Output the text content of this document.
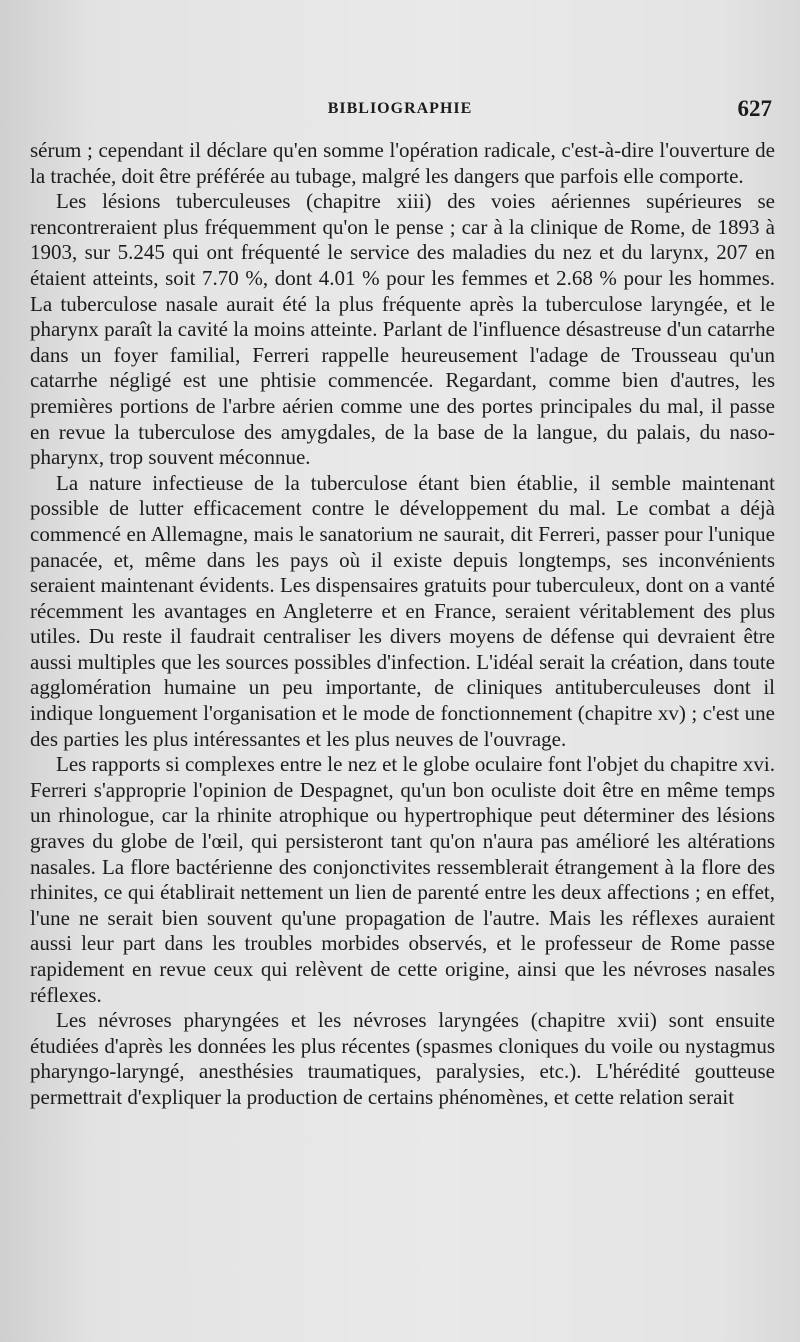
BIBLIOGRAPHIE	627

sérum ; cependant il déclare qu'en somme l'opération radicale, c'est-à-dire l'ouverture de la trachée, doit être préférée au tubage, malgré les dangers que parfois elle comporte.

Les lésions tuberculeuses (chapitre xiii) des voies aériennes supérieures se rencontreraient plus fréquemment qu'on le pense ; car à la clinique de Rome, de 1893 à 1903, sur 5.245 qui ont fréquenté le service des maladies du nez et du larynx, 207 en étaient atteints, soit 7.70 %, dont 4.01 % pour les femmes et 2.68 % pour les hommes. La tuberculose nasale aurait été la plus fréquente après la tuberculose laryngée, et le pharynx paraît la cavité la moins atteinte. Parlant de l'influence désastreuse d'un catarrhe dans un foyer familial, Ferreri rappelle heureusement l'adage de Trousseau qu'un catarrhe négligé est une phtisie commencée. Regardant, comme bien d'autres, les premières portions de l'arbre aérien comme une des portes principales du mal, il passe en revue la tuberculose des amygdales, de la base de la langue, du palais, du naso-pharynx, trop souvent méconnue.

La nature infectieuse de la tuberculose étant bien établie, il semble maintenant possible de lutter efficacement contre le développement du mal. Le combat a déjà commencé en Allemagne, mais le sanatorium ne saurait, dit Ferreri, passer pour l'unique panacée, et, même dans les pays où il existe depuis longtemps, ses inconvénients seraient maintenant évidents. Les dispensaires gratuits pour tuberculeux, dont on a vanté récemment les avantages en Angleterre et en France, seraient véritablement des plus utiles. Du reste il faudrait centraliser les divers moyens de défense qui devraient être aussi multiples que les sources possibles d'infection. L'idéal serait la création, dans toute agglomération humaine un peu importante, de cliniques antituberculeuses dont il indique longuement l'organisation et le mode de fonctionnement (chapitre xv) ; c'est une des parties les plus intéressantes et les plus neuves de l'ouvrage.

Les rapports si complexes entre le nez et le globe oculaire font l'objet du chapitre xvi. Ferreri s'approprie l'opinion de Despagnet, qu'un bon oculiste doit être en même temps un rhinologue, car la rhinite atrophique ou hypertrophique peut déterminer des lésions graves du globe de l'œil, qui persisteront tant qu'on n'aura pas amélioré les altérations nasales. La flore bactérienne des conjonctivites ressemblerait étrangement à la flore des rhinites, ce qui établirait nettement un lien de parenté entre les deux affections ; en effet, l'une ne serait bien souvent qu'une propagation de l'autre. Mais les réflexes auraient aussi leur part dans les troubles morbides observés, et le professeur de Rome passe rapidement en revue ceux qui relèvent de cette origine, ainsi que les névroses nasales réflexes.

Les névroses pharyngées et les névroses laryngées (chapitre xvii) sont ensuite étudiées d'après les données les plus récentes (spasmes cloniques du voile ou nystagmus pharyngo-laryngé, anesthésies traumatiques, paralysies, etc.). L'hérédité goutteuse permettrait d'expliquer la production de certains phénomènes, et cette relation serait
